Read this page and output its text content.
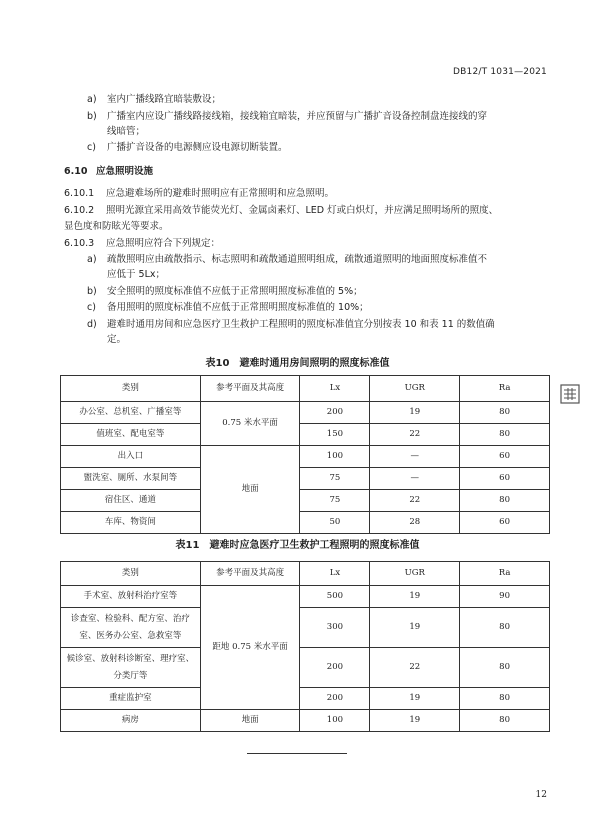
DB12/T 1031—2021
a) 室内广播线路宜暗装敷设；
b) 广播室内应设广播线路接线箱，接线箱宜暗装，并应预留与广播扩音设备控制盘连接线的穿
线暗管；
c) 广播扩音设备的电源侧应设电源切断装置。
6.10 应急照明设施
6.10.1 应急避难场所的避难时照明应有正常照明和应急照明。
6.10.2 照明光源宜采用高效节能荧光灯、金属卤素灯、LED 灯或白炽灯，并应满足照明场所的照度、
显色度和防眩光等要求。
6.10.3 应急照明应符合下列规定：
a) 疏散照明应由疏散指示、标志照明和疏散通道照明组成，疏散通道照明的地面照度标准值不
应低于 5Lx；
b) 安全照明的照度标准值不应低于正常照明照度标准值的 5%；
c) 备用照明的照度标准值不应低于正常照明照度标准值的 10%；
d) 避难时通用房间和应急医疗卫生救护工程照明的照度标准值宜分别按表 10 和表 11 的数值确
定。
表10　避难时通用房间照明的照度标准值
类别	参考平面及其高度	Lx	UGR	Ra
办公室、总机室、广播室等	0.75 米水平面	200	19	80
值班室、配电室等		150	22	80
出入口	地面	100	—	60
盥洗室、厕所、水泵间等		75	—	60
宿住区、通道		75	22	80
车库、物资间		50	28	60
表11　避难时应急医疗卫生救护工程照明的照度标准值
类别	参考平面及其高度	Lx	UGR	Ra
手术室、放射科治疗室等	距地 0.75 米水平面	500	19	90

诊查室、检验科、配方室、治疗
室、医务办公室、急救室等		300	19	80

候诊室、放射科诊断室、理疗室、
分类厅等		200	22	80
重症监护室		200	19	80
病房	地面	100	19	80
12
